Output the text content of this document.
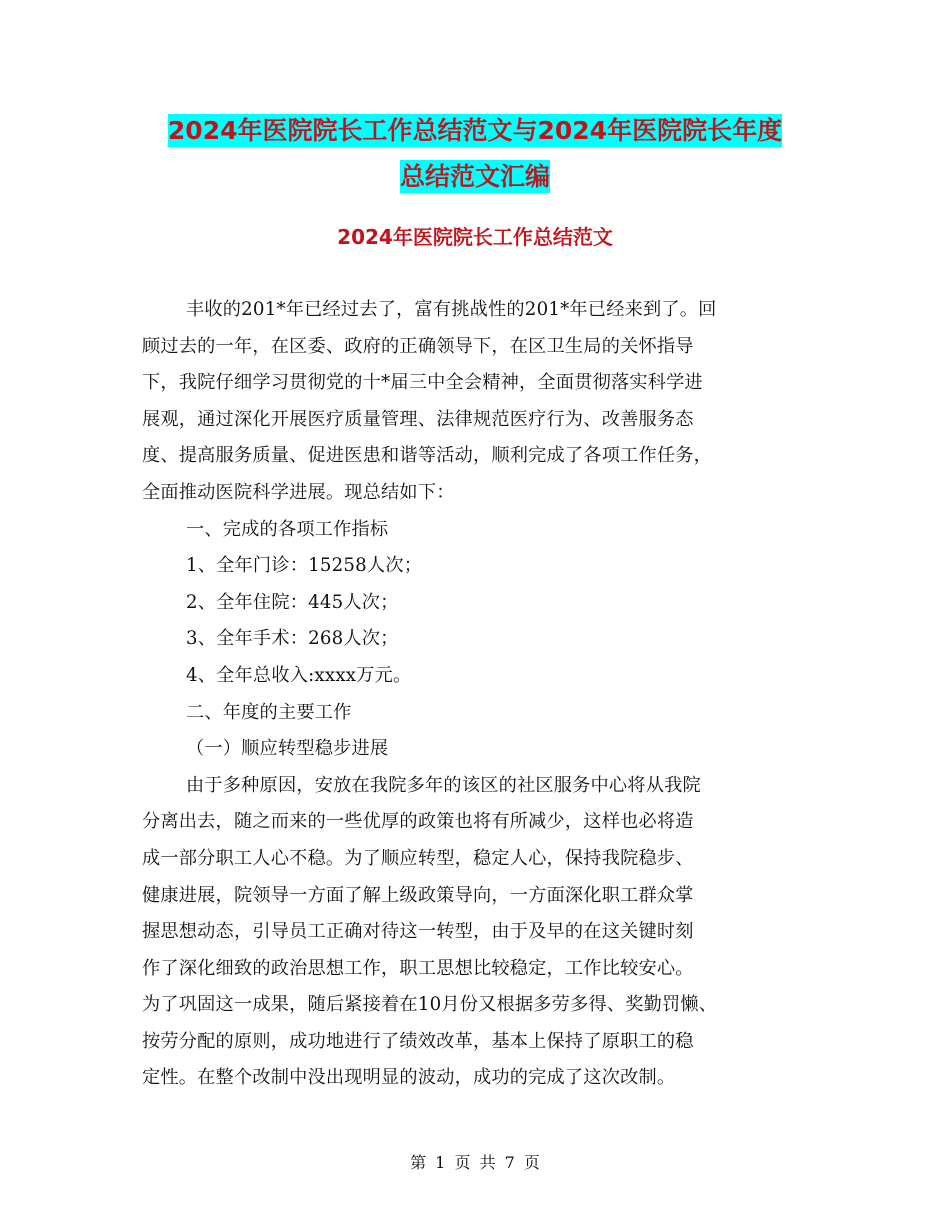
2024年医院院长工作总结范文与2024年医院院长年度
总结范文汇编
2024年医院院长工作总结范文

丰收的201*年已经过去了，富有挑战性的201*年已经来到了。回

顾过去的一年，在区委、政府的正确领导下，在区卫生局的关怀指导

下，我院仔细学习贯彻党的十*届三中全会精神，全面贯彻落实科学进

展观，通过深化开展医疗质量管理、法律规范医疗行为、改善服务态

度、提高服务质量、促进医患和谐等活动，顺利完成了各项工作任务，

全面推动医院科学进展。现总结如下：

一、完成的各项工作指标

1、全年门诊：15258人次；

2、全年住院：445人次；

3、全年手术：268人次；

4、全年总收入:xxxx万元。

二、年度的主要工作

（一）顺应转型稳步进展

由于多种原因，安放在我院多年的该区的社区服务中心将从我院

分离出去，随之而来的一些优厚的政策也将有所减少，这样也必将造

成一部分职工人心不稳。为了顺应转型，稳定人心，保持我院稳步、

健康进展，院领导一方面了解上级政策导向，一方面深化职工群众掌

握思想动态，引导员工正确对待这一转型，由于及早的在这关键时刻

作了深化细致的政治思想工作，职工思想比较稳定，工作比较安心。

为了巩固这一成果，随后紧接着在10月份又根据多劳多得、奖勤罚懒、

按劳分配的原则，成功地进行了绩效改革，基本上保持了原职工的稳

定性。在整个改制中没出现明显的波动，成功的完成了这次改制。

第 1 页 共 7 页
